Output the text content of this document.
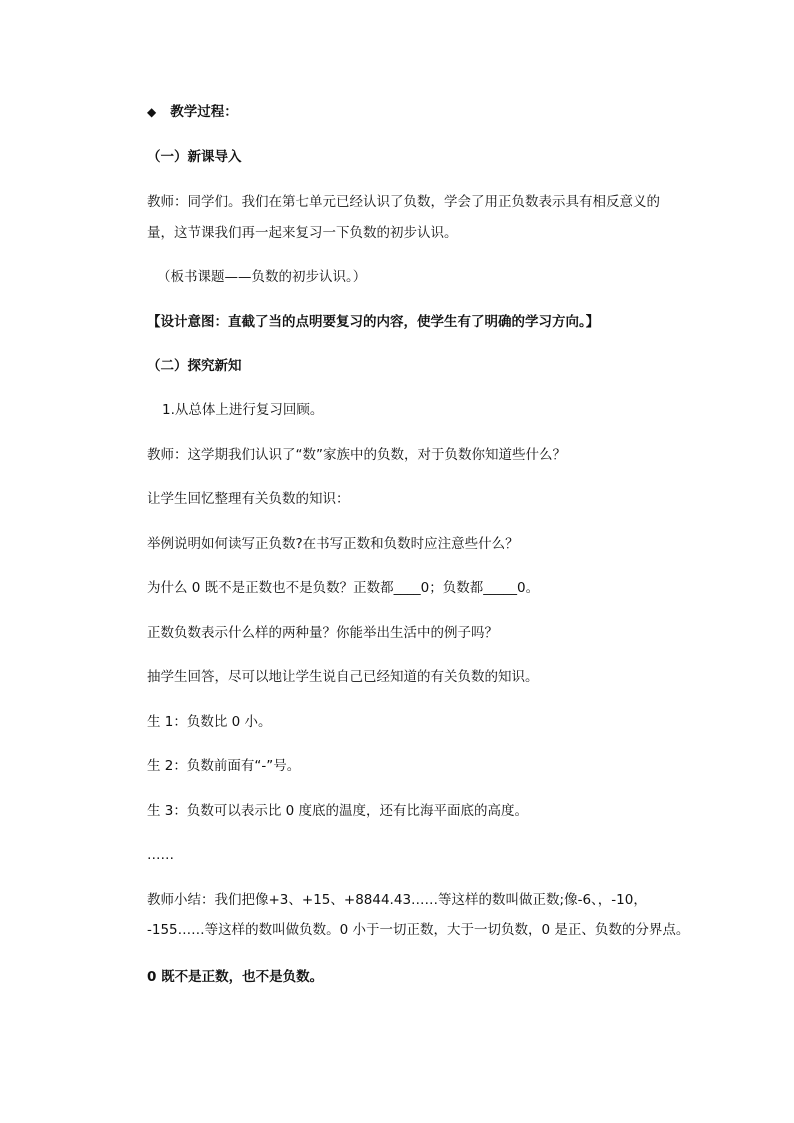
◆ 教学过程：

（一）新课导入

教师：同学们。我们在第七单元已经认识了负数，学会了用正负数表示具有相反意义的

量，这节课我们再一起来复习一下负数的初步认识。

（板书课题——负数的初步认识。）

【设计意图：直截了当的点明要复习的内容，使学生有了明确的学习方向。】

（二）探究新知

1.从总体上进行复习回顾。

教师：这学期我们认识了“数”家族中的负数，对于负数你知道些什么？

让学生回忆整理有关负数的知识：

举例说明如何读写正负数?在书写正数和负数时应注意些什么？

为什么 0 既不是正数也不是负数？正数都____0；负数都_____0。

正数负数表示什么样的两种量？你能举出生活中的例子吗？

抽学生回答，尽可以地让学生说自己已经知道的有关负数的知识。

生 1：负数比 0 小。

生 2：负数前面有“-”号。

生 3：负数可以表示比 0 度底的温度，还有比海平面底的高度。

……

教师小结：我们把像+3、+15、+8844.43……等这样的数叫做正数;像-6、，-10，

-155……等这样的数叫做负数。0 小于一切正数，大于一切负数，0 是正、负数的分界点。

0 既不是正数，也不是负数。
